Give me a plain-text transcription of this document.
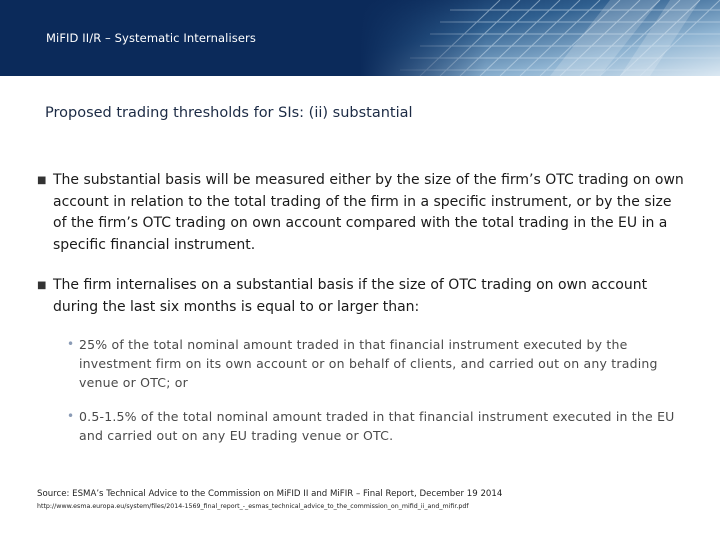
MiFID II/R – Systematic Internalisers
Proposed trading thresholds for SIs: (ii) substantial
■ The substantial basis will be measured either by the size of the firm’s OTC trading on own account in relation to the total trading of the firm in a specific instrument, or by the size of the firm’s OTC trading on own account compared with the total trading in the EU in a specific financial instrument.
■ The firm internalises on a substantial basis if the size of OTC trading on own account during the last six months is equal to or larger than:
• 25% of the total nominal amount traded in that financial instrument executed by the investment firm on its own account or on behalf of clients, and carried out on any trading venue or OTC; or
• 0.5-1.5% of the total nominal amount traded in that financial instrument executed in the EU and carried out on any EU trading venue or OTC.
Source: ESMA’s Technical Advice to the Commission on MiFID II and MiFIR – Final Report, December 19 2014
http://www.esma.europa.eu/system/files/2014-1569_final_report_-_esmas_technical_advice_to_the_commission_on_mifid_ii_and_mifir.pdf
